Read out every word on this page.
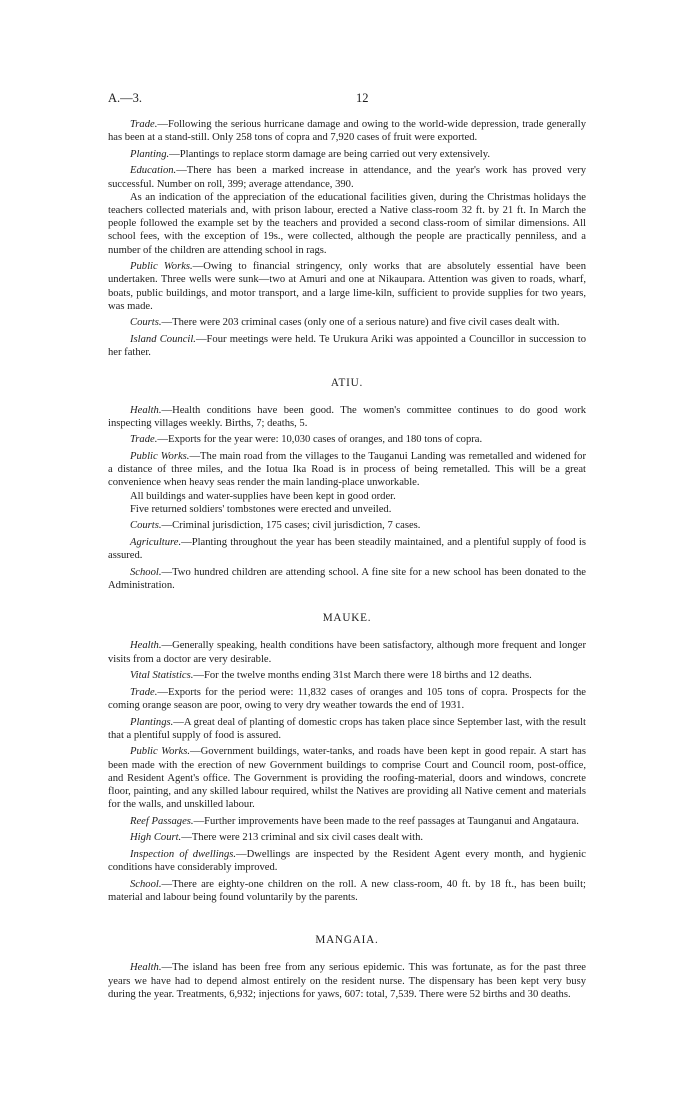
A.—3.	12

Trade.—Following the serious hurricane damage and owing to the world-wide depression, trade generally has been at a stand-still. Only 258 tons of copra and 7,920 cases of fruit were exported.

Planting.—Plantings to replace storm damage are being carried out very extensively.

Education.—There has been a marked increase in attendance, and the year's work has proved very successful. Number on roll, 399; average attendance, 390.

As an indication of the appreciation of the educational facilities given, during the Christmas holidays the teachers collected materials and, with prison labour, erected a Native class-room 32 ft. by 21 ft. In March the people followed the example set by the teachers and provided a second class-room of similar dimensions. All school fees, with the exception of 19s., were collected, although the people are practically penniless, and a number of the children are attending school in rags.

Public Works.—Owing to financial stringency, only works that are absolutely essential have been undertaken. Three wells were sunk—two at Amuri and one at Nikaupara. Attention was given to roads, wharf, boats, public buildings, and motor transport, and a large lime-kiln, sufficient to provide supplies for two years, was made.

Courts.—There were 203 criminal cases (only one of a serious nature) and five civil cases dealt with.

Island Council.—Four meetings were held. Te Urukura Ariki was appointed a Councillor in succession to her father.

ATIU.

Health.—Health conditions have been good. The women's committee continues to do good work inspecting villages weekly. Births, 7; deaths, 5.

Trade.—Exports for the year were: 10,030 cases of oranges, and 180 tons of copra.

Public Works.—The main road from the villages to the Tauganui Landing was remetalled and widened for a distance of three miles, and the Iotua Ika Road is in process of being remetalled. This will be a great convenience when heavy seas render the main landing-place unworkable.

All buildings and water-supplies have been kept in good order.

Five returned soldiers' tombstones were erected and unveiled.

Courts.—Criminal jurisdiction, 175 cases; civil jurisdiction, 7 cases.

Agriculture.—Planting throughout the year has been steadily maintained, and a plentiful supply of food is assured.

School.—Two hundred children are attending school. A fine site for a new school has been donated to the Administration.

MAUKE.

Health.—Generally speaking, health conditions have been satisfactory, although more frequent and longer visits from a doctor are very desirable.

Vital Statistics.—For the twelve months ending 31st March there were 18 births and 12 deaths.

Trade.—Exports for the period were: 11,832 cases of oranges and 105 tons of copra. Prospects for the coming orange season are poor, owing to very dry weather towards the end of 1931.

Plantings.—A great deal of planting of domestic crops has taken place since September last, with the result that a plentiful supply of food is assured.

Public Works.—Government buildings, water-tanks, and roads have been kept in good repair. A start has been made with the erection of new Government buildings to comprise Court and Council room, post-office, and Resident Agent's office. The Government is providing the roofing-material, doors and windows, concrete floor, painting, and any skilled labour required, whilst the Natives are providing all Native cement and materials for the walls, and unskilled labour.

Reef Passages.—Further improvements have been made to the reef passages at Taunganui and Angataura.

High Court.—There were 213 criminal and six civil cases dealt with.

Inspection of dwellings.—Dwellings are inspected by the Resident Agent every month, and hygienic conditions have considerably improved.

School.—There are eighty-one children on the roll. A new class-room, 40 ft. by 18 ft., has been built; material and labour being found voluntarily by the parents.

MANGAIA.

Health.—The island has been free from any serious epidemic. This was fortunate, as for the past three years we have had to depend almost entirely on the resident nurse. The dispensary has been kept very busy during the year. Treatments, 6,932; injections for yaws, 607: total, 7,539. There were 52 births and 30 deaths.
